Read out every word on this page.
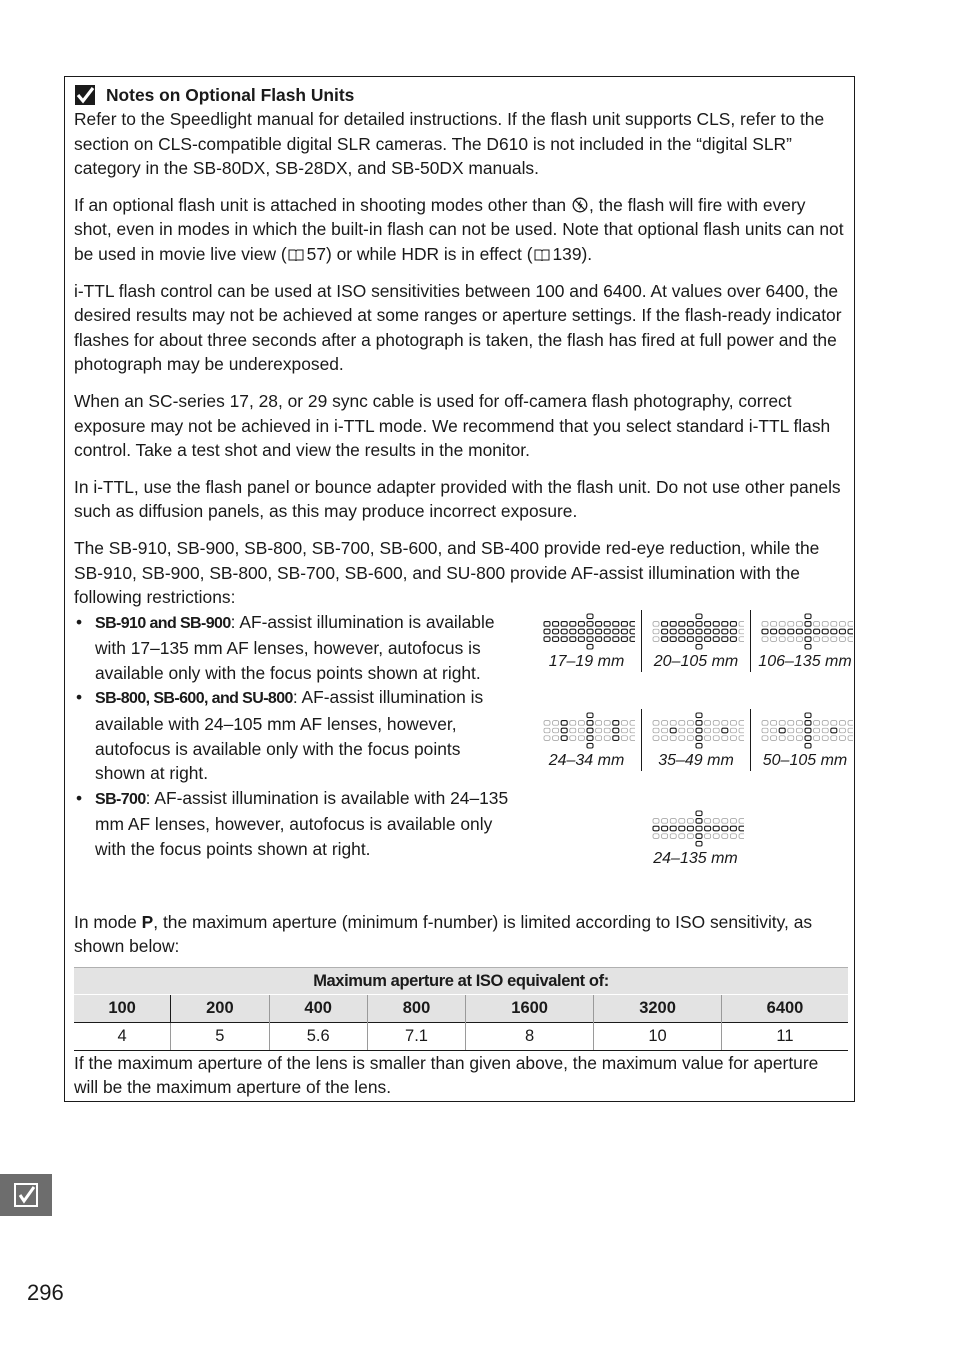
Notes on Optional Flash Units

Refer to the Speedlight manual for detailed instructions. If the flash unit supports CLS, refer to the section on CLS-compatible digital SLR cameras. The D610 is not included in the “digital SLR” category in the SB-80DX, SB-28DX, and SB-50DX manuals.

If an optional flash unit is attached in shooting modes other than , the flash will fire with every shot, even in modes in which the built-in flash can not be used. Note that optional flash units can not be used in movie live view ( 57) or while HDR is in effect ( 139).

i-TTL flash control can be used at ISO sensitivities between 100 and 6400. At values over 6400, the desired results may not be achieved at some ranges or aperture settings. If the flash-ready indicator flashes for about three seconds after a photograph is taken, the flash has fired at full power and the photograph may be underexposed.

When an SC-series 17, 28, or 29 sync cable is used for off-camera flash photography, correct exposure may not be achieved in i-TTL mode. We recommend that you select standard i-TTL flash control. Take a test shot and view the results in the monitor.

In i-TTL, use the flash panel or bounce adapter provided with the flash unit. Do not use other panels such as diffusion panels, as this may produce incorrect exposure.

The SB-910, SB-900, SB-800, SB-700, SB-600, and SB-400 provide red-eye reduction, while the SB-910, SB-900, SB-800, SB-700, SB-600, and SU-800 provide AF-assist illumination with the following restrictions:

• SB-910 and SB-900: AF-assist illumination is available with 17–135 mm AF lenses, however, autofocus is available only with the focus points shown at right.
• SB-800, SB-600, and SU-800: AF-assist illumination is available with 24–105 mm AF lenses, however, autofocus is available only with the focus points shown at right.
• SB-700: AF-assist illumination is available with 24–135 mm AF lenses, however, autofocus is available only with the focus points shown at right.
17–19 mm	20–105 mm	106–135 mm
24–34 mm	35–49 mm	50–105 mm
24–135 mm

In mode P, the maximum aperture (minimum f-number) is limited according to ISO sensitivity, as shown below:

Maximum aperture at ISO equivalent of:						
100	200	400	800	1600	3200	6400
4	5	5.6	7.1	8	10	11

If the maximum aperture of the lens is smaller than given above, the maximum value for aperture will be the maximum aperture of the lens.

296
